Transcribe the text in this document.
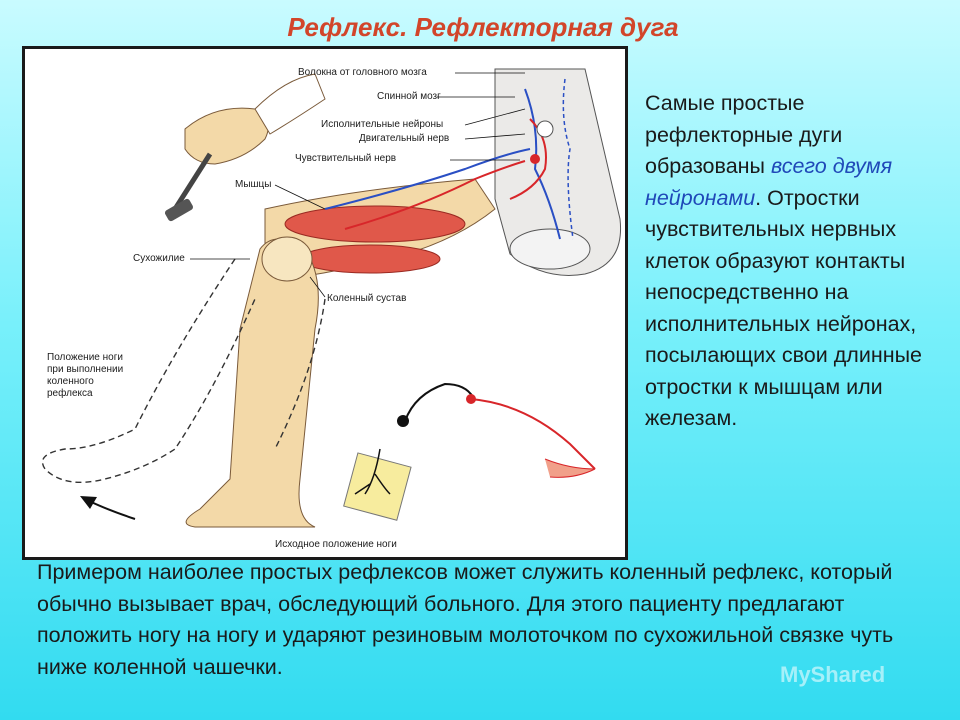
Рефлекс. Рефлекторная дуга
Волокна от головного мозга
Спинной мозг
Исполнительные нейроны
Двигательный нерв
Чувствительный нерв
Мышцы
Сухожилие
Коленный сустав
Положение ноги
при выполнении
коленного
рефлекса
Исходное положение ноги
Самые простые рефлекторные дуги образованы всего двумя нейронами. Отростки чувствительных нервных клеток образуют контакты непосредственно на исполнительных нейронах, посылающих свои длинные отростки к мышцам или железам.
Примером наиболее простых рефлексов может служить коленный рефлекс, который обычно вызывает врач, обследующий больного. Для этого пациенту предлагают положить ногу на ногу и ударяют резиновым молоточком по сухожильной связке чуть ниже коленной чашечки.	MyShared
